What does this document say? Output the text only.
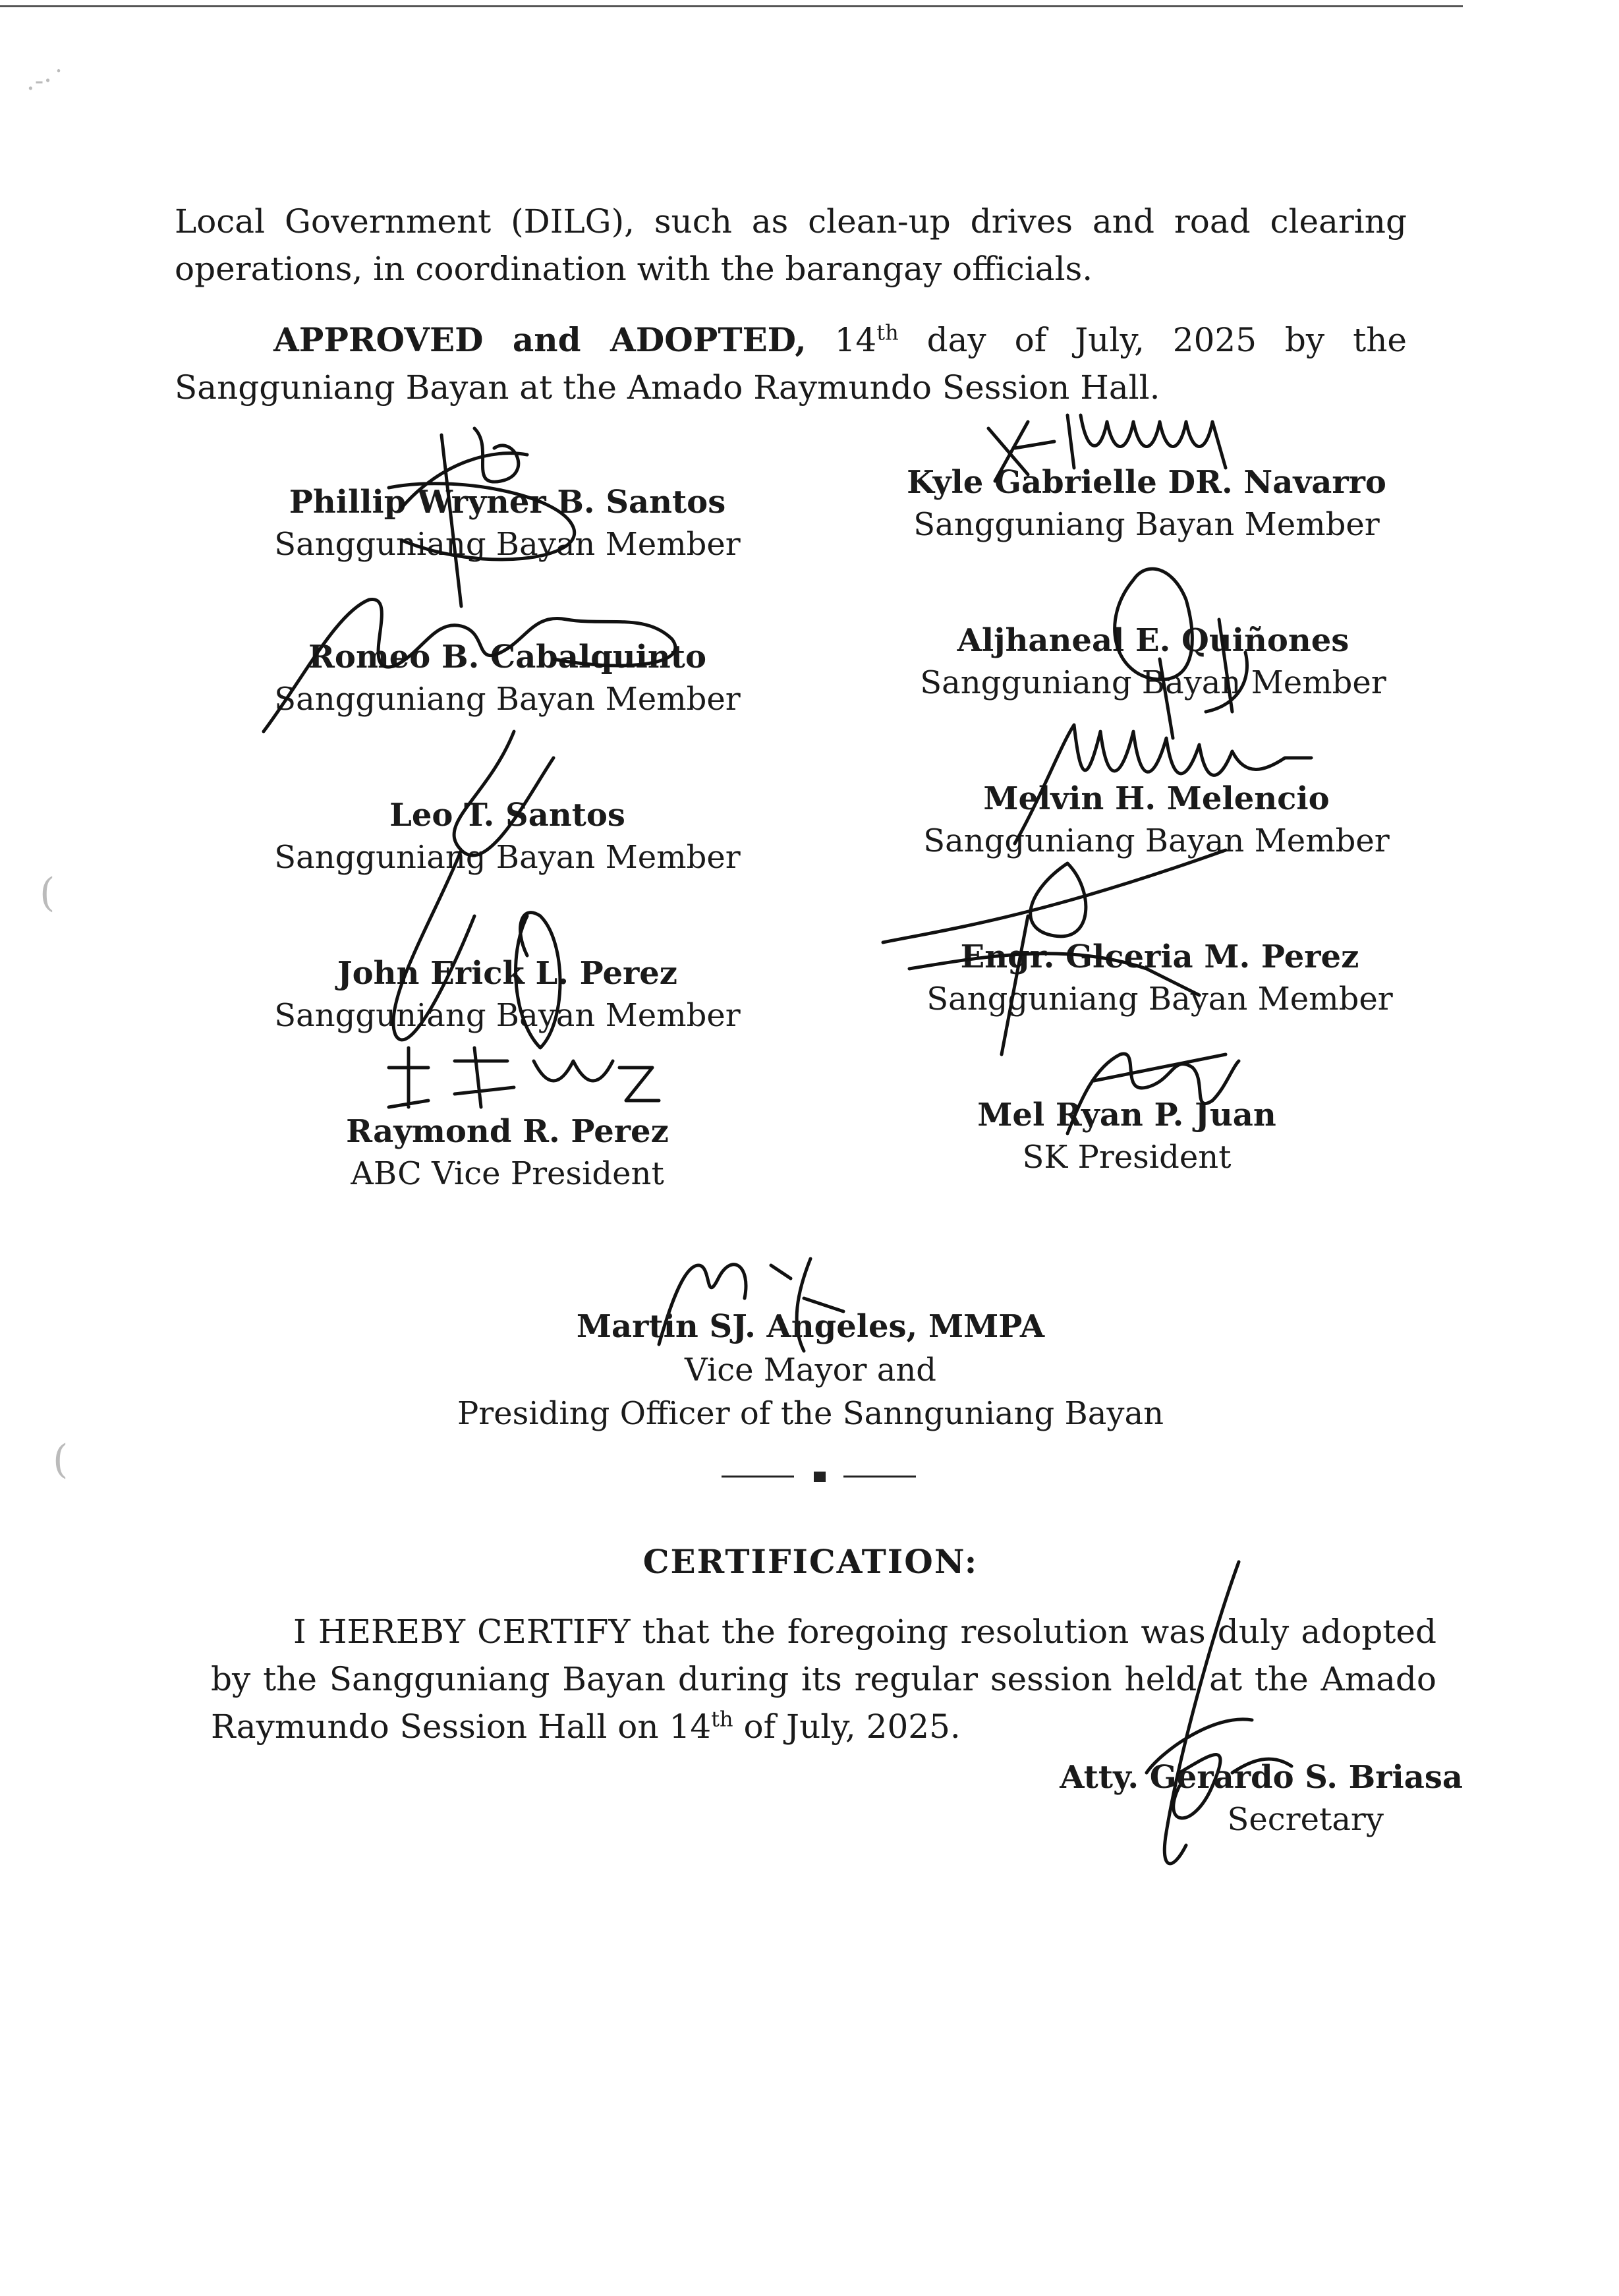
.-·˙
(
(
Local Government (DILG), such as clean-up drives and road clearing
operations, in coordination with the barangay officials.
APPROVED and ADOPTED, 14th day of July, 2025 by the Sangguniang Bayan at the Amado Raymundo Session Hall.
Phillip Wryner B. Santos
Sangguniang Bayan Member
Kyle Gabrielle DR. Navarro
Sangguniang Bayan Member
Romeo B. Cabalquinto
Sangguniang Bayan Member
Aljhaneal E. Quiñones
Sangguniang Bayan Member
Leo T. Santos
Sangguniang Bayan Member
Melvin H. Melencio
Sangguniang Bayan Member
John Erick L. Perez
Sangguniang Bayan Member
Engr. Glceria M. Perez
Sangguniang Bayan Member
Raymond R. Perez
ABC Vice President
Mel Ryan P. Juan
SK President
Martin SJ. Angeles, MMPA
Vice Mayor and
Presiding Officer of the Sannguniang Bayan
CERTIFICATION:
I HEREBY CERTIFY that the foregoing resolution was duly adopted by the Sangguniang Bayan during its regular session held at the Amado Raymundo Session Hall on 14th of July, 2025.
Atty. Gerardo S. Briasa
Secretary
